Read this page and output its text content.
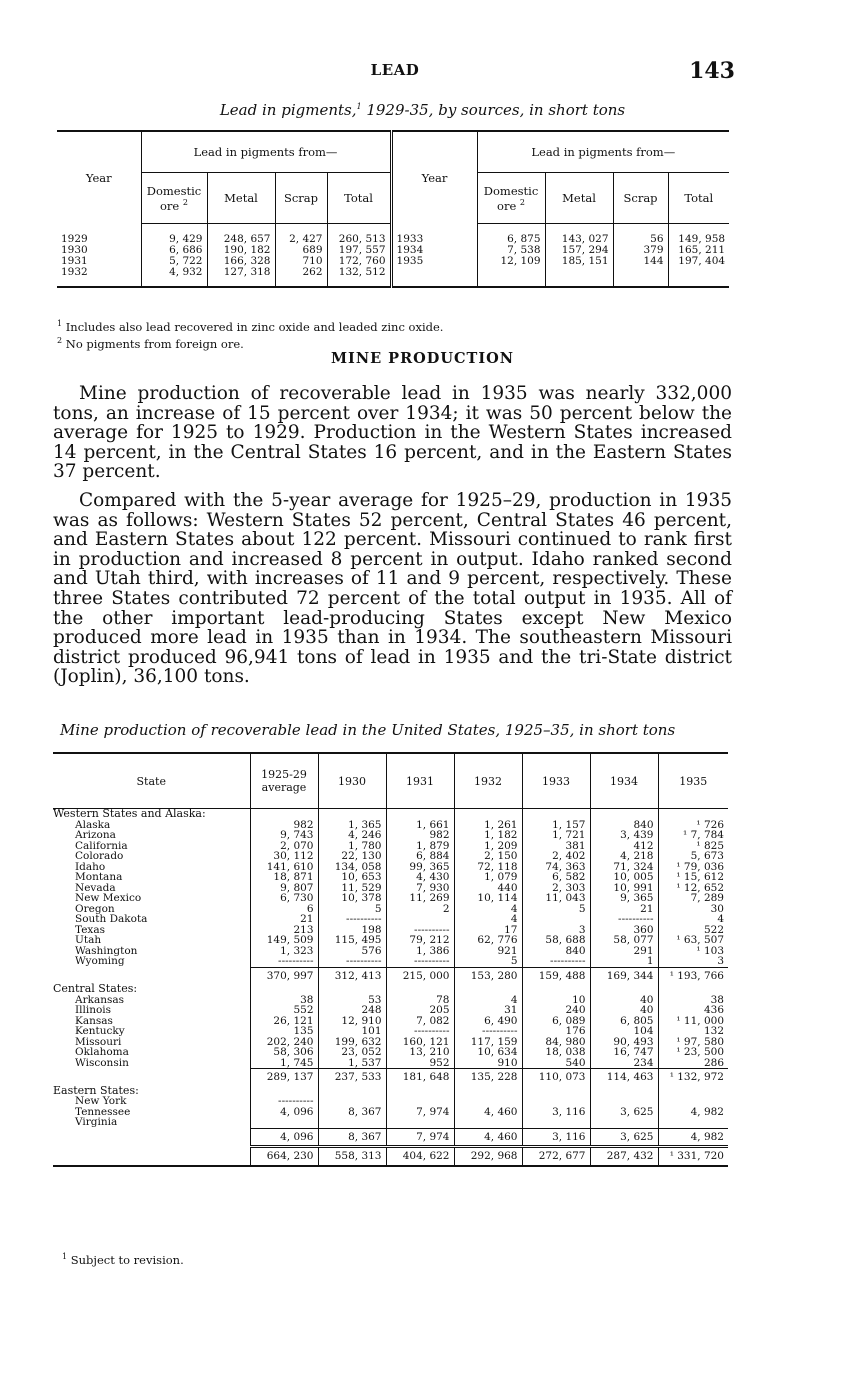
LEAD	143
Lead in pigments,$^1$ 1929-35, by sources, in short tons
Year	Lead in pigments from—				Year	Lead in pigments from—			
	Domestic ore $^2$	Metal	Scrap	Total		Domestic ore $^2$	Metal	Scrap	Total
1929	9, 429	248, 657	2, 427	260, 513	1933	6, 875	143, 027	56	149, 958
1930	6, 686	190, 182	689	197, 557	1934	7, 538	157, 294	379	165, 211
1931	5, 722	166, 328	710	172, 760	1935	12, 109	185, 151	144	197, 404
1932	4, 932	127, 318	262	132, 512					
$^1$ Includes also lead recovered in zinc oxide and leaded zinc oxide.
$^2$ No pigments from foreign ore.
MINE PRODUCTION

Mine production of recoverable lead in 1935 was nearly 332,000 tons, an increase of 15 percent over 1934; it was 50 percent below the average for 1925 to 1929. Production in the Western States increased 14 percent, in the Central States 16 percent, and in the Eastern States 37 percent.

Compared with the 5-year average for 1925–29, production in 1935 was as follows: Western States 52 percent, Central States 46 percent, and Eastern States about 122 percent. Missouri continued to rank first in production and increased 8 percent in output. Idaho ranked second and Utah third, with increases of 11 and 9 percent, respectively. These three States contributed 72 percent of the total output in 1935. All of the other important lead-producing States except New Mexico produced more lead in 1935 than in 1934. The southeastern Missouri district produced 96,941 tons of lead in 1935 and the tri-State district (Joplin), 36,100 tons.

Mine production of recoverable lead in the United States, 1925–35, in short tons
State	1925-29 average	1930	1931	1932	1933	1934	1935
Western States and Alaska:							
Alaska	982	1, 365	1, 661	1, 261	1, 157	840	¹ 726
Arizona	9, 743	4, 246	982	1, 182	1, 721	3, 439	¹ 7, 784
California	2, 070	1, 780	1, 879	1, 209	381	412	¹ 825
Colorado	30, 112	22, 130	6, 884	2, 150	2, 402	4, 218	5, 673
Idaho	141, 610	134, 058	99, 365	72, 118	74, 363	71, 324	¹ 79, 036
Montana	18, 871	10, 653	4, 430	1, 079	6, 582	10, 005	¹ 15, 612
Nevada	9, 807	11, 529	7, 930	440	2, 303	10, 991	¹ 12, 652
New Mexico	6, 730	10, 378	11, 269	10, 114	11, 043	9, 365	7, 289
Oregon	6	5	2	4	5	21	30
South Dakota	21	----------		4		----------	4
Texas	213	198	----------	17	3	360	522
Utah	149, 509	115, 495	79, 212	62, 776	58, 688	58, 077	¹ 63, 507
Washington	1, 323	576	1, 386	921	840	291	¹ 103
Wyoming	----------	----------	----------	5	----------	1	3
	370, 997	312, 413	215, 000	153, 280	159, 488	169, 344	¹ 193, 766
Central States:							
Arkansas	38	53	78	4	10	40	38
Illinois	552	248	205	31	240	40	436
Kansas	26, 121	12, 910	7, 082	6, 490	6, 089	6, 805	¹ 11, 000
Kentucky	135	101	----------	----------	176	104	132
Missouri	202, 240	199, 632	160, 121	117, 159	84, 980	90, 493	¹ 97, 580
Oklahoma	58, 306	23, 052	13, 210	10, 634	18, 038	16, 747	¹ 23, 500
Wisconsin	1, 745	1, 537	952	910	540	234	286
	289, 137	237, 533	181, 648	135, 228	110, 073	114, 463	¹ 132, 972
Eastern States:							
New York	----------						
Tennessee	4, 096	8, 367	7, 974	4, 460	3, 116	3, 625	4, 982
Virginia							
	4, 096	8, 367	7, 974	4, 460	3, 116	3, 625	4, 982
	664, 230	558, 313	404, 622	292, 968	272, 677	287, 432	¹ 331, 720
$^1$ Subject to revision.
